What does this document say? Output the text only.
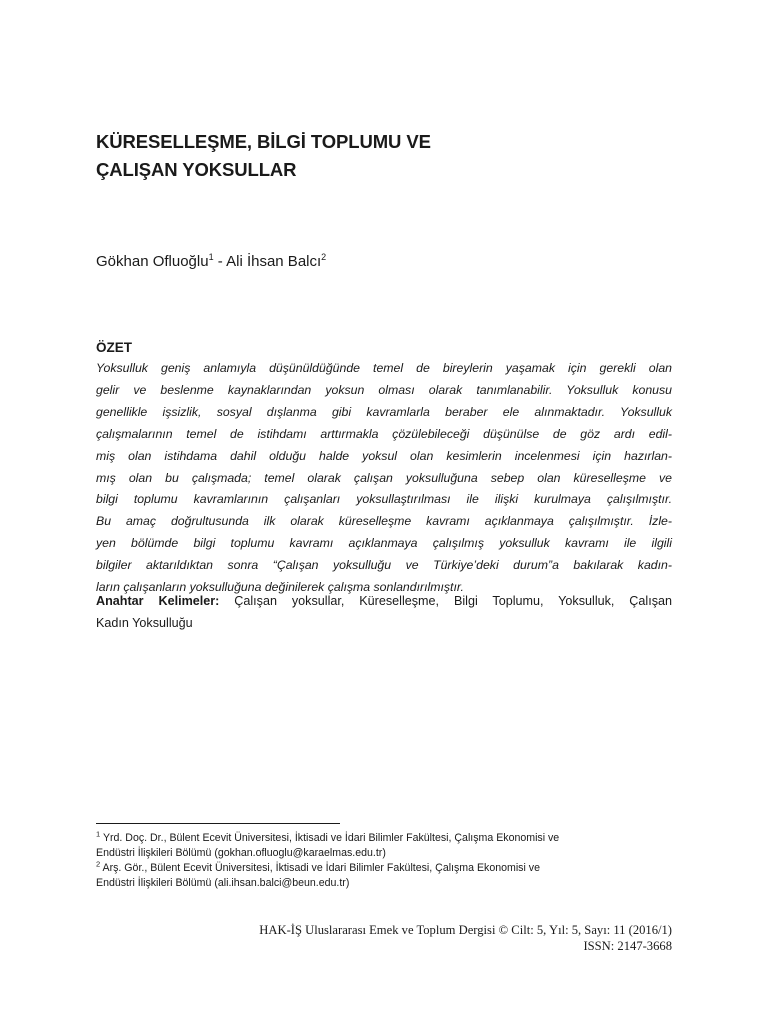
KÜRESELLEŞME, BİLGİ TOPLUMU VE
ÇALIŞAN YOKSULLAR
Gökhan Ofluoğlu$^1$ - Ali İhsan Balcı$^2$
ÖZET
Yoksulluk geniş anlamıyla düşünüldüğünde temel de bireylerin yaşamak için gerekli olan
gelir ve beslenme kaynaklarından yoksun olması olarak tanımlanabilir. Yoksulluk konusu
genellikle işsizlik, sosyal dışlanma gibi kavramlarla beraber ele alınmaktadır. Yoksulluk
çalışmalarının temel de istihdamı arttırmakla çözülebileceği düşünülse de göz ardı edil-
miş olan istihdama dahil olduğu halde yoksul olan kesimlerin incelenmesi için hazırlan-
mış olan bu çalışmada; temel olarak çalışan yoksulluğuna sebep olan küreselleşme ve
bilgi toplumu kavramlarının çalışanları yoksullaştırılması ile ilişki kurulmaya çalışılmıştır.
Bu amaç doğrultusunda ilk olarak küreselleşme kavramı açıklanmaya çalışılmıştır. İzle-
yen bölümde bilgi toplumu kavramı açıklanmaya çalışılmış yoksulluk kavramı ile ilgili
bilgiler aktarıldıktan sonra “Çalışan yoksulluğu ve Türkiye’deki durum”a bakılarak kadın-
ların çalışanların yoksulluğuna değinilerek çalışma sonlandırılmıştır.
Anahtar Kelimeler: Çalışan yoksullar, Küreselleşme, Bilgi Toplumu, Yoksulluk, Çalışan
Kadın Yoksulluğu
$^1$ Yrd. Doç. Dr., Bülent Ecevit Üniversitesi, İktisadi ve İdari Bilimler Fakültesi, Çalışma Ekonomisi ve
Endüstri İlişkileri Bölümü (gokhan.ofluoglu@karaelmas.edu.tr)
$^2$ Arş. Gör., Bülent Ecevit Üniversitesi, İktisadi ve İdari Bilimler Fakültesi, Çalışma Ekonomisi ve
Endüstri İlişkileri Bölümü (ali.ihsan.balci@beun.edu.tr)
HAK-İŞ Uluslararası Emek ve Toplum Dergisi © Cilt: 5, Yıl: 5, Sayı: 11 (2016/1)
ISSN: 2147-3668
